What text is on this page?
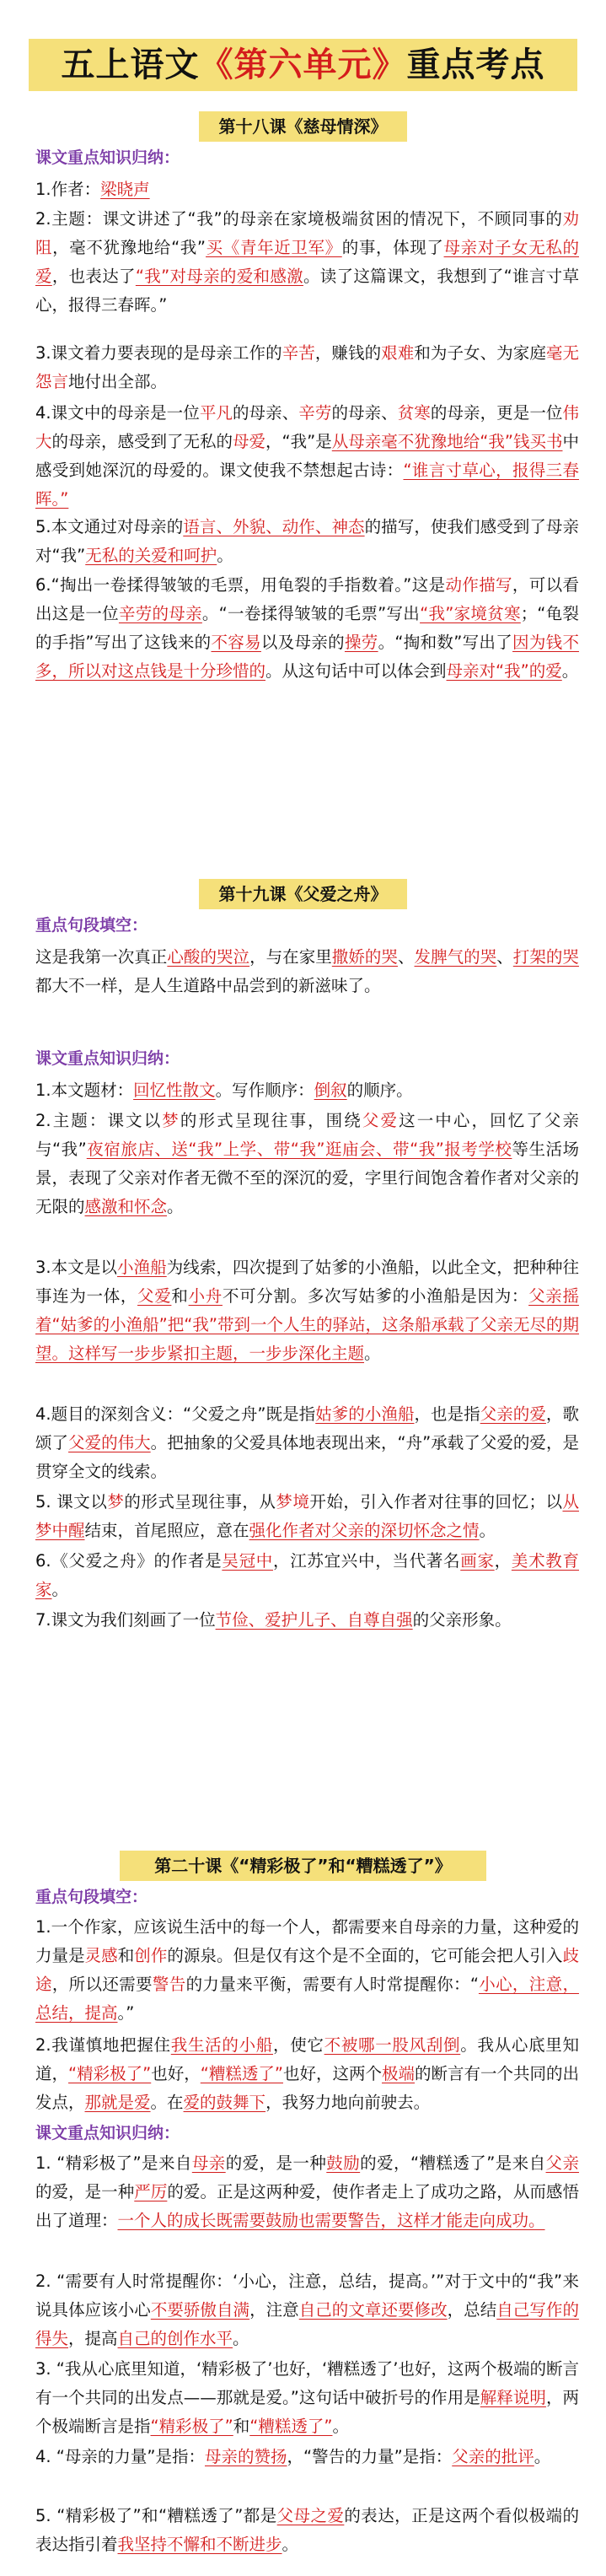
五上语文《第六单元》重点考点
第十八课《慈母情深》
课文重点知识归纳：
1.作者：梁晓声
2.主题：课文讲述了“我”的母亲在家境极端贫困的情况下，不顾同事的劝阻，毫不犹豫地给“我”买《青年近卫军》的事，体现了母亲对子女无私的爱，也表达了“我”对母亲的爱和感激。读了这篇课文，我想到了“谁言寸草心，报得三春晖。”
3.课文着力要表现的是母亲工作的辛苦，赚钱的艰难和为子女、为家庭毫无怨言地付出全部。
4.课文中的母亲是一位平凡的母亲、辛劳的母亲、贫寒的母亲，更是一位伟大的母亲，感受到了无私的母爱，“我”是从母亲毫不犹豫地给“我”钱买书中感受到她深沉的母爱的。课文使我不禁想起古诗：“谁言寸草心，报得三春晖。”
5.本文通过对母亲的语言、外貌、动作、神态的描写，使我们感受到了母亲对“我”无私的关爱和呵护。
6.“掏出一卷揉得皱皱的毛票，用龟裂的手指数着。”这是动作描写，可以看出这是一位辛劳的母亲。“一卷揉得皱皱的毛票”写出“我”家境贫寒；“龟裂的手指”写出了这钱来的不容易以及母亲的操劳。“掏和数”写出了因为钱不多，所以对这点钱是十分珍惜的。从这句话中可以体会到母亲对“我”的爱。
第十九课《父爱之舟》
重点句段填空：
这是我第一次真正心酸的哭泣，与在家里撒娇的哭、发脾气的哭、打架的哭都大不一样，是人生道路中品尝到的新滋味了。
课文重点知识归纳：
1.本文题材：回忆性散文。写作顺序：倒叙的顺序。
2.主题：课文以梦的形式呈现往事，围绕父爱这一中心，回忆了父亲与“我”夜宿旅店、送“我”上学、带“我”逛庙会、带“我”报考学校等生活场景，表现了父亲对作者无微不至的深沉的爱，字里行间饱含着作者对父亲的无限的感激和怀念。
3.本文是以小渔船为线索，四次提到了姑爹的小渔船，以此全文，把种种往事连为一体，父爱和小舟不可分割。多次写姑爹的小渔船是因为：父亲摇着“姑爹的小渔船”把“我”带到一个人生的驿站，这条船承载了父亲无尽的期望。这样写一步步紧扣主题，一步步深化主题。
4.题目的深刻含义：“父爱之舟”既是指姑爹的小渔船，也是指父亲的爱，歌颂了父爱的伟大。把抽象的父爱具体地表现出来，“舟”承载了父爱的爱，是贯穿全文的线索。
5. 课文以梦的形式呈现往事，从梦境开始，引入作者对往事的回忆；以从梦中醒结束，首尾照应，意在强化作者对父亲的深切怀念之情。
6.《父爱之舟》的作者是吴冠中，江苏宜兴中，当代著名画家，美术教育家。
7.课文为我们刻画了一位节俭、爱护儿子、自尊自强的父亲形象。
第二十课《“精彩极了”和“糟糕透了”》
重点句段填空：
1.一个作家，应该说生活中的每一个人，都需要来自母亲的力量，这种爱的力量是灵感和创作的源泉。但是仅有这个是不全面的，它可能会把人引入歧途，所以还需要警告的力量来平衡，需要有人时常提醒你：“小心，注意，总结，提高。”
2.我谨慎地把握住我生活的小船，使它不被哪一股风刮倒。我从心底里知道，“精彩极了”也好，“糟糕透了”也好，这两个极端的断言有一个共同的出发点，那就是爱。在爱的鼓舞下，我努力地向前驶去。
课文重点知识归纳：
1. “精彩极了”是来自母亲的爱，是一种鼓励的爱，“糟糕透了”是来自父亲的爱，是一种严厉的爱。正是这两种爱，使作者走上了成功之路，从而感悟出了道理：一个人的成长既需要鼓励也需要警告，这样才能走向成功。
2. “需要有人时常提醒你：‘小心，注意，总结，提高。’”对于文中的“我”来说具体应该小心不要骄傲自满，注意自己的文章还要修改，总结自己写作的得失，提高自己的创作水平。
3. “我从心底里知道，‘精彩极了’也好，‘糟糕透了’也好，这两个极端的断言有一个共同的出发点——那就是爱。”这句话中破折号的作用是解释说明，两个极端断言是指“精彩极了”和“糟糕透了”。
4. “母亲的力量”是指：母亲的赞扬，“警告的力量”是指：父亲的批评。
5. “精彩极了”和“糟糕透了”都是父母之爱的表达，正是这两个看似极端的表达指引着我坚持不懈和不断进步。
